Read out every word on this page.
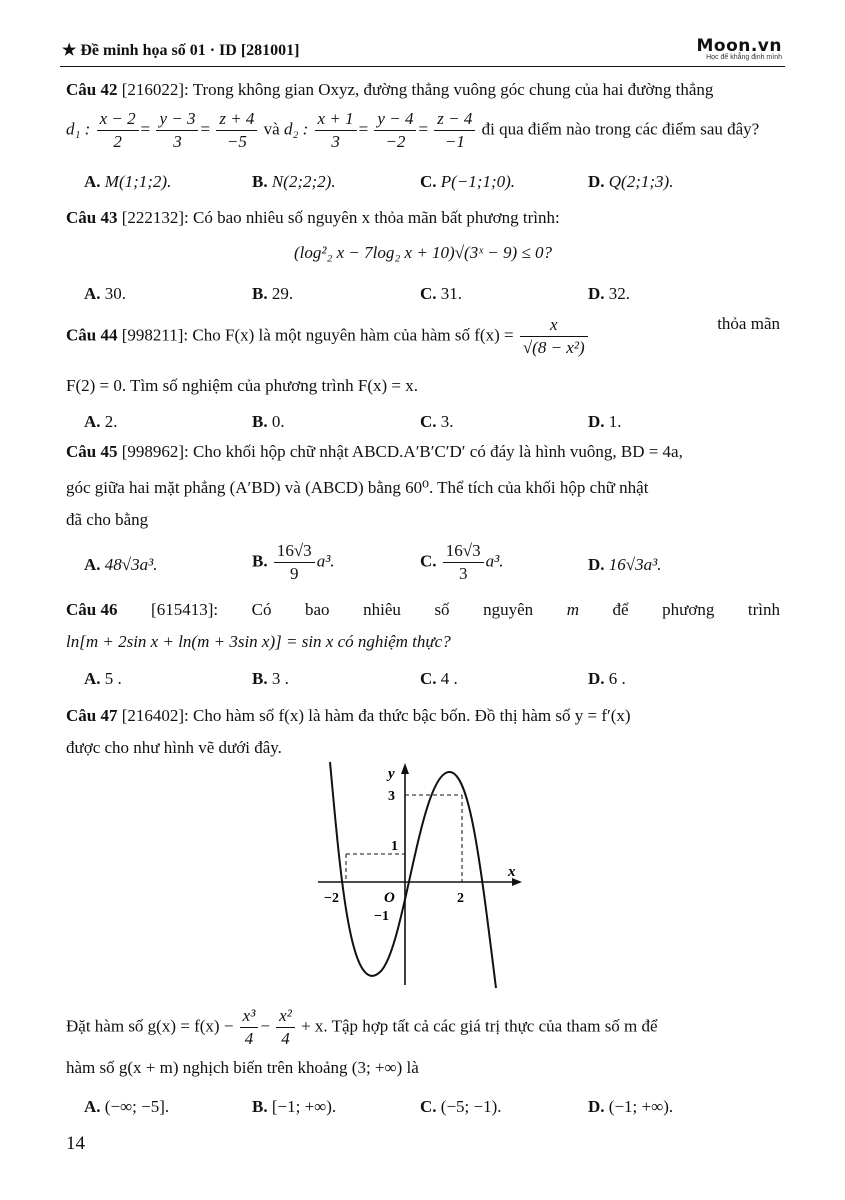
★ Đề minh họa số 01 · ID [281001]	Moon.vn
Học để khẳng định mình
Câu 42 [216022]: Trong không gian Oxyz, đường thẳng vuông góc chung của hai đường thẳng
d₁ : $\frac{x - 2}{2} = \frac{y - 3}{3} = \frac{z + 4}{-5}$ và d₂ : $\frac{x + 1}{3} = \frac{y - 4}{-2} = \frac{z - 4}{-1}$ đi qua điểm nào trong các điểm sau đây?
A. M(1;1;2).	B. N(2;2;2).	C. P(−1;1;0).	D. Q(2;1;3).
Câu 43 [222132]: Có bao nhiêu số nguyên x thỏa mãn bất phương trình:
(log²₂ x − 7log₂ x + 10)√(3ˣ − 9) ≤ 0?
A. 30.	B. 29.	C. 31.	D. 32.
Câu 44 [998211]: Cho F(x) là một nguyên hàm của hàm số $f(x) = \frac{x}{\text{√(8 − x²)}}$	thỏa mãn
F(2) = 0. Tìm số nghiệm của phương trình F(x) = x.
A. 2.	B. 0.	C. 3.	D. 1.
Câu 45 [998962]: Cho khối hộp chữ nhật ABCD.A′B′C′D′ có đáy là hình vuông, BD = 4a,
góc giữa hai mặt phẳng (A′BD) và (ABCD) bằng 60⁰. Thể tích của khối hộp chữ nhật
đã cho bằng
A. 48√3a³.	B. $\frac{16√3}{9} a^3$.	C. $\frac{16√3}{3} a^3$.	D. 16√3a³.
Câu 46 [615413]: Có bao nhiêu số nguyên m để phương trình
ln[m + 2sin x + ln(m + 3sin x)] = sin x có nghiệm thực?
A. 5 .	B. 3 .	C. 4 .	D. 6 .
Câu 47 [216402]: Cho hàm số f(x) là hàm đa thức bậc bốn. Đồ thị hàm số y = f′(x)
được cho như hình vẽ dưới đây.
y
x
3
1
O
−1
−2	2
Đặt hàm số $g(x) = f(x) - \frac{\text{x³}}{4} - \frac{\text{x²}}{4} + x$. Tập hợp tất cả các giá trị thực của tham số m để
hàm số g(x + m) nghịch biến trên khoảng (3; +∞) là
A. (−∞; −5].	B. [−1; +∞).	C. (−5; −1).	D. (−1; +∞).
14
